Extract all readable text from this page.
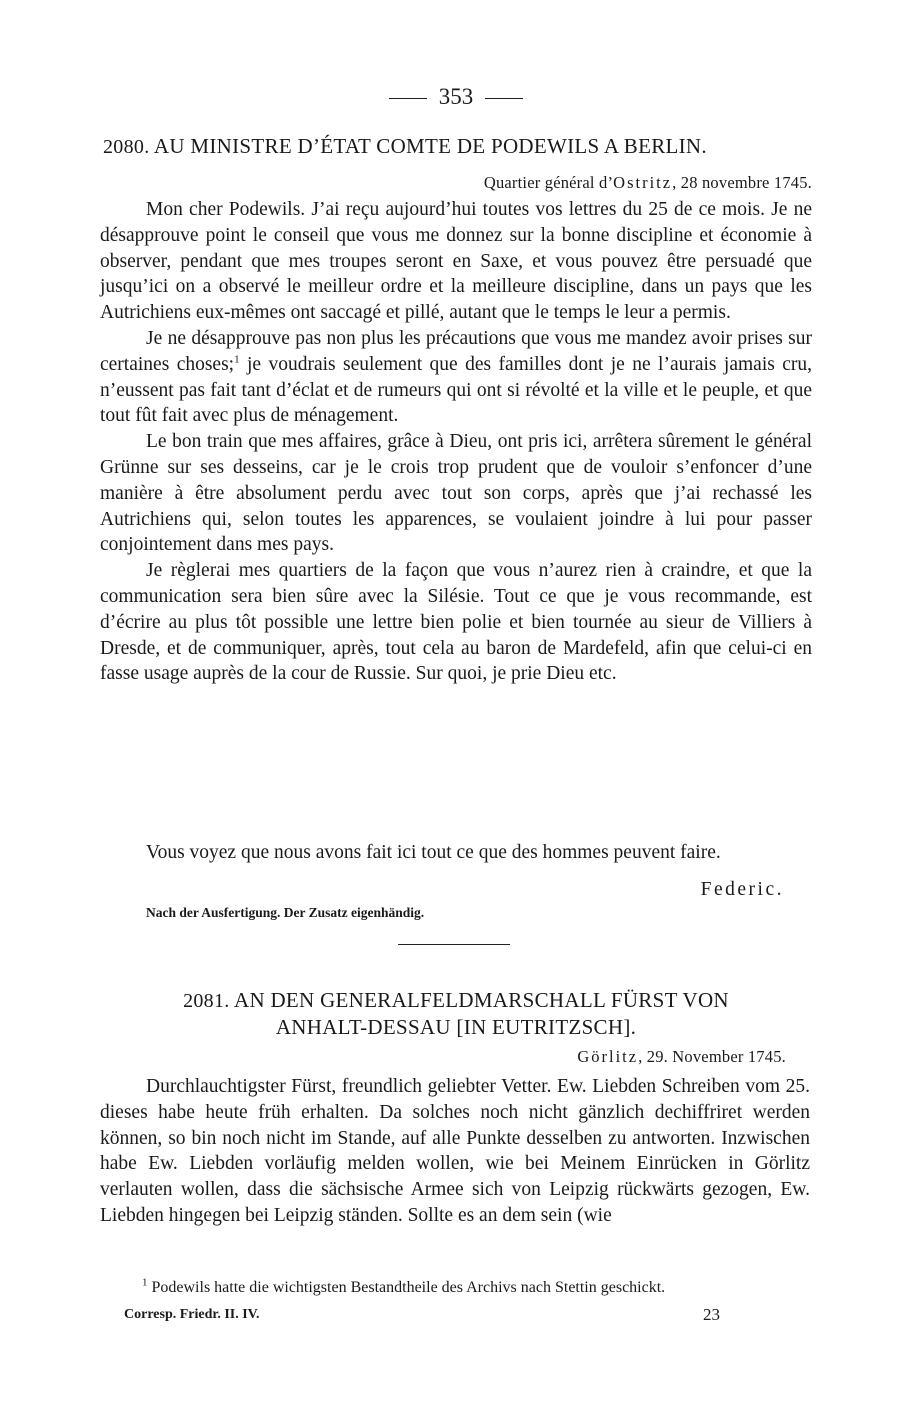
353
2080. AU MINISTRE D’ÉTAT COMTE DE PODEWILS A BERLIN.
Quartier général d’Ostritz, 28 novembre 1745.

Mon cher Podewils. J’ai reçu aujourd’hui toutes vos lettres du 25 de ce mois. Je ne désapprouve point le conseil que vous me donnez sur la bonne discipline et économie à observer, pendant que mes troupes seront en Saxe, et vous pouvez être persuadé que jusqu’ici on a observé le meilleur ordre et la meilleure discipline, dans un pays que les Autrichiens eux-mêmes ont saccagé et pillé, autant que le temps le leur a permis.

Je ne désapprouve pas non plus les précautions que vous me mandez avoir prises sur certaines choses;$^1$ je voudrais seulement que des familles dont je ne l’aurais jamais cru, n’eussent pas fait tant d’éclat et de rumeurs qui ont si révolté et la ville et le peuple, et que tout fût fait avec plus de ménagement.

Le bon train que mes affaires, grâce à Dieu, ont pris ici, arrêtera sûrement le général Grünne sur ses desseins, car je le crois trop prudent que de vouloir s’enfoncer d’une manière à être absolument perdu avec tout son corps, après que j’ai rechassé les Autrichiens qui, selon toutes les apparences, se voulaient joindre à lui pour passer conjointement dans mes pays.

Je règlerai mes quartiers de la façon que vous n’aurez rien à craindre, et que la communication sera bien sûre avec la Silésie. Tout ce que je vous recommande, est d’écrire au plus tôt possible une lettre bien polie et bien tournée au sieur de Villiers à Dresde, et de communiquer, après, tout cela au baron de Mardefeld, afin que celui-ci en fasse usage auprès de la cour de Russie. Sur quoi, je prie Dieu etc.

Vous voyez que nous avons fait ici tout ce que des hommes peuvent faire.

Federic.
Nach der Ausfertigung. Der Zusatz eigenhändig.
2081. AN DEN GENERALFELDMARSCHALL FÜRST VON
ANHALT-DESSAU [IN EUTRITZSCH].
Görlitz, 29. November 1745.

Durchlauchtigster Fürst, freundlich geliebter Vetter. Ew. Liebden Schreiben vom 25. dieses habe heute früh erhalten. Da solches noch nicht gänzlich dechiffriret werden können, so bin noch nicht im Stande, auf alle Punkte desselben zu antworten. Inzwischen habe Ew. Liebden vorläufig melden wollen, wie bei Meinem Einrücken in Görlitz verlauten wollen, dass die sächsische Armee sich von Leipzig rückwärts gezogen, Ew. Liebden hingegen bei Leipzig ständen. Sollte es an dem sein (wie

$^1$ Podewils hatte die wichtigsten Bestandtheile des Archivs nach Stettin geschickt.
Corresp. Friedr. II. IV.	23
